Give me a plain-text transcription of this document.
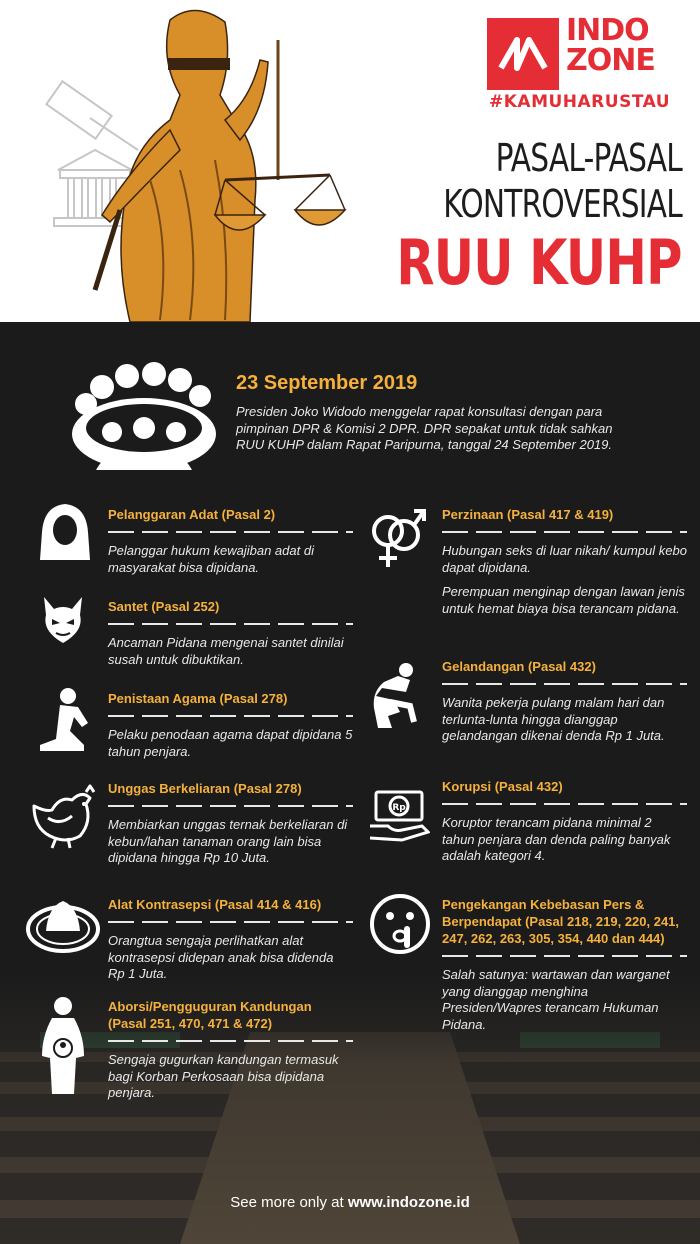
INDO
ZONE
#KAMUHARUSTAU
PASAL-PASAL
KONTROVERSIAL
RUU KUHP
23 September 2019
Presiden Joko Widodo menggelar rapat konsultasi dengan para pimpinan DPR & Komisi 2 DPR. DPR sepakat untuk tidak sahkan RUU KUHP dalam Rapat Paripurna, tanggal 24 September 2019.
Pelanggaran Adat (Pasal 2)
Pelanggar hukum kewajiban adat di masyarakat bisa dipidana.
Santet (Pasal 252)
Ancaman Pidana mengenai santet dinilai susah untuk dibuktikan.
Penistaan Agama (Pasal 278)
Pelaku penodaan agama dapat dipidana 5 tahun penjara.
Unggas Berkeliaran (Pasal 278)
Membiarkan unggas ternak berkeliaran di kebun/lahan tanaman orang lain bisa dipidana hingga Rp 10 Juta.
Alat Kontrasepsi (Pasal 414 & 416)
Orangtua sengaja perlihatkan alat kontrasepsi didepan anak bisa didenda Rp 1 Juta.
Aborsi/Pengguguran Kandungan (Pasal 251, 470, 471 & 472)
Sengaja gugurkan kandungan termasuk bagi Korban Perkosaan bisa dipidana penjara.
Perzinaan (Pasal 417 & 419)
Hubungan seks di luar nikah/ kumpul kebo dapat dipidana.
Perempuan menginap dengan lawan jenis untuk hemat biaya bisa terancam pidana.
Gelandangan (Pasal 432)
Wanita pekerja pulang malam hari dan terlunta-lunta hingga dianggap gelandangan dikenai denda Rp 1 Juta.
Rp
Korupsi (Pasal 432)
Koruptor terancam pidana minimal 2 tahun penjara dan denda paling banyak adalah kategori 4.
Pengekangan Kebebasan Pers & Berpendapat (Pasal 218, 219, 220, 241, 247, 262, 263, 305, 354, 440 dan 444)
Salah satunya: wartawan dan warganet yang dianggap menghina Presiden/Wapres terancam Hukuman Pidana.
See more only at www.indozone.id
